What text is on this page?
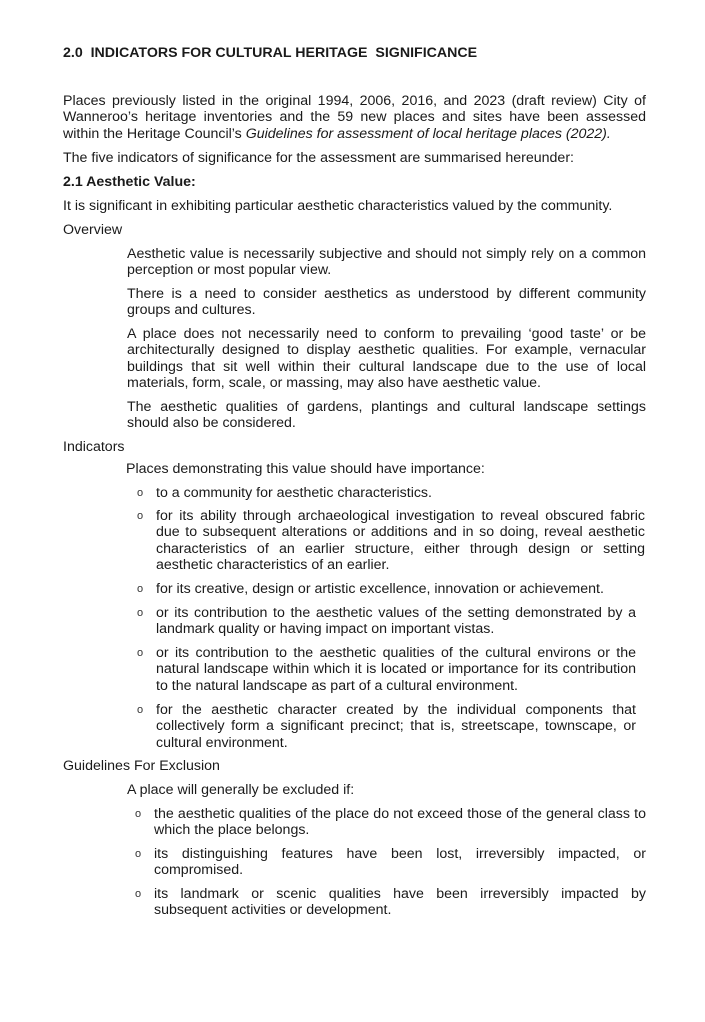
2.0  INDICATORS FOR CULTURAL HERITAGE  SIGNIFICANCE

Places previously listed in the original 1994, 2006, 2016, and 2023 (draft review) City of Wanneroo’s heritage inventories and the 59 new places and sites have been assessed within the Heritage Council’s Guidelines for assessment of local heritage places (2022).

The five indicators of significance for the assessment are summarised hereunder:

2.1 Aesthetic Value:

It is significant in exhibiting particular aesthetic characteristics valued by the community.

Overview

Aesthetic value is necessarily subjective and should not simply rely on a common perception or most popular view.

There is a need to consider aesthetics as understood by different community groups and cultures.

A place does not necessarily need to conform to prevailing ‘good taste’ or be architecturally designed to display aesthetic qualities. For example, vernacular buildings that sit well within their cultural landscape due to the use of local materials, form, scale, or massing, may also have aesthetic value.

The aesthetic qualities of gardens, plantings and cultural landscape settings should also be considered.

Indicators

Places demonstrating this value should have importance:

o to a community for aesthetic characteristics.
o for its ability through archaeological investigation to reveal obscured fabric due to subsequent alterations or additions and in so doing, reveal aesthetic characteristics of an earlier structure, either through design or setting aesthetic characteristics of an earlier.
o for its creative, design or artistic excellence, innovation or achievement.
o or its contribution to the aesthetic values of the setting demonstrated by a landmark quality or having impact on important vistas.
o or its contribution to the aesthetic qualities of the cultural environs or the natural landscape within which it is located or importance for its contribution to the natural landscape as part of a cultural environment.
o for the aesthetic character created by the individual components that collectively form a significant precinct; that is, streetscape, townscape, or cultural environment.

Guidelines For Exclusion

A place will generally be excluded if:

o the aesthetic qualities of the place do not exceed those of the general class to which the place belongs.
o its distinguishing features have been lost, irreversibly impacted, or compromised.
o its landmark or scenic qualities have been irreversibly impacted by subsequent activities or development.
